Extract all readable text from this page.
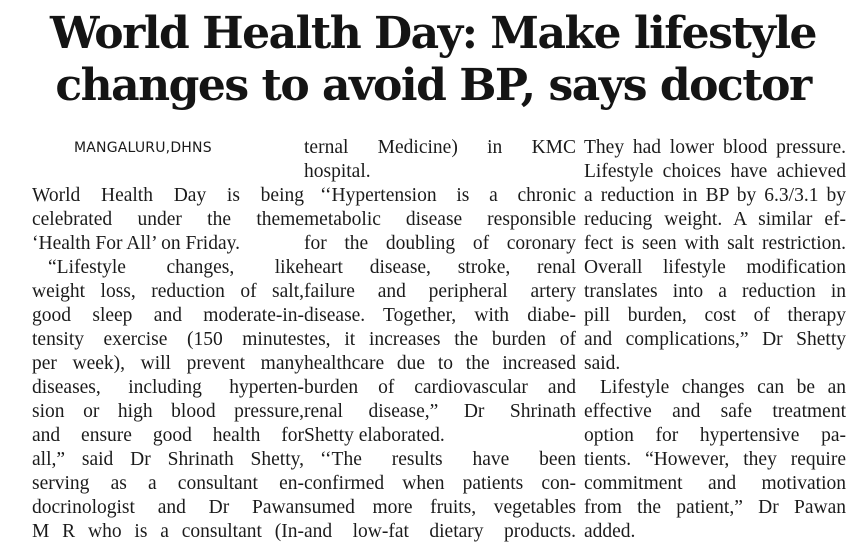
World Health Day: Make lifestyle
changes to avoid BP, says doctor
MANGALURU,DHNS
World Health Day is being
celebrated under the theme
‘Health For All’ on Friday.
“Lifestyle changes, like
weight loss, reduction of salt,
good sleep and moderate-in-
tensity exercise (150 minutes
per week), will prevent many
diseases, including hyperten-
sion or high blood pressure,
and ensure good health for
all,” said Dr Shrinath Shetty,
serving as a consultant en-
docrinologist and Dr Pawan
M R who is a consultant (In-
ternal Medicine) in KMC
hospital.
‘‘Hypertension is a chronic
metabolic disease responsible
for the doubling of coronary
heart disease, stroke, renal
failure and peripheral artery
disease. Together, with diabe-
tes, it increases the burden of
healthcare due to the increased
burden of cardiovascular and
renal disease,” Dr Shrinath
Shetty elaborated.
‘‘The results have been
confirmed when patients con-
sumed more fruits, vegetables
and low-fat dietary products.
They had lower blood pressure.
Lifestyle choices have achieved
a reduction in BP by 6.3/3.1 by
reducing weight. A similar ef-
fect is seen with salt restriction.
Overall lifestyle modification
translates into a reduction in
pill burden, cost of therapy
and complications,” Dr Shetty
said.
Lifestyle changes can be an
effective and safe treatment
option for hypertensive pa-
tients. “However, they require
commitment and motivation
from the patient,” Dr Pawan
added.
